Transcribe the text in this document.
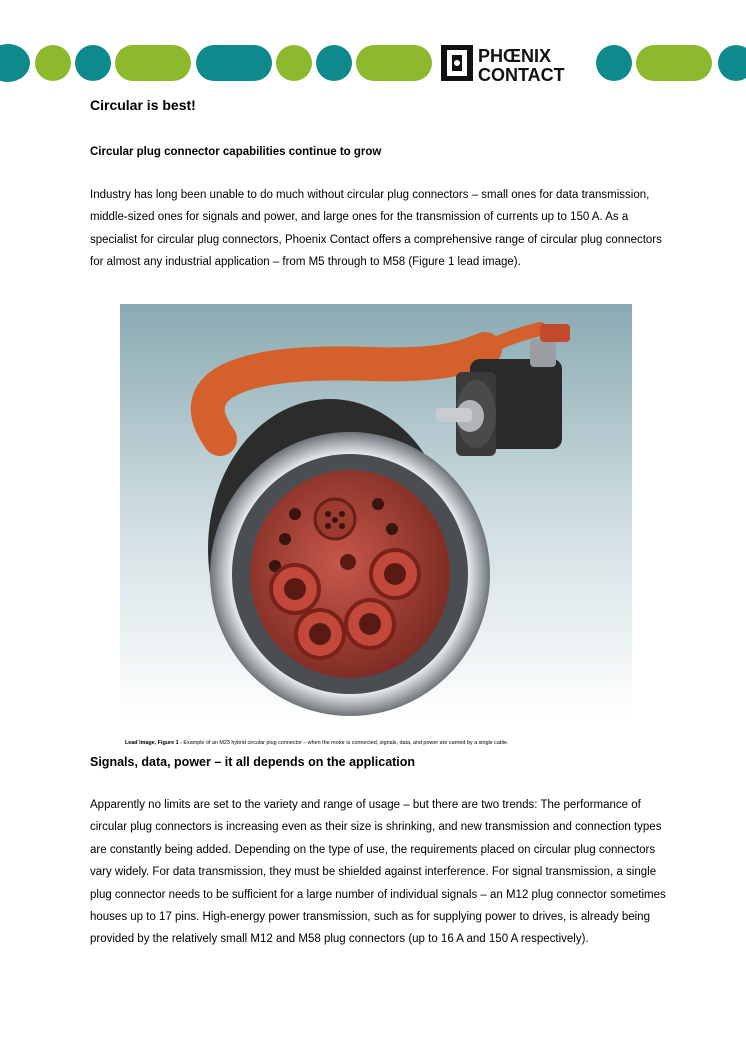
PHŒNIX
CONTACT
Circular is best!
Circular plug connector capabilities continue to grow

Industry has long been unable to do much without circular plug connectors – small ones for data transmission, middle-sized ones for signals and power, and large ones for the transmission of currents up to 150 A. As a specialist for circular plug connectors, Phoenix Contact offers a comprehensive range of circular plug connectors for almost any industrial application – from M5 through to M58 (Figure 1 lead image).

Lead Image, Figure 1 - Example of an M23 hybrid circular plug connector – when the motor is connected, signals, data, and power are carried by a single cable.
Signals, data, power – it all depends on the application

Apparently no limits are set to the variety and range of usage – but there are two trends: The performance of circular plug connectors is increasing even as their size is shrinking, and new transmission and connection types are constantly being added. Depending on the type of use, the requirements placed on circular plug connectors vary widely. For data transmission, they must be shielded against interference. For signal transmission, a single plug connector needs to be sufficient for a large number of individual signals – an M12 plug connector sometimes houses up to 17 pins. High-energy power transmission, such as for supplying power to drives, is already being provided by the relatively small M12 and M58 plug connectors (up to 16 A and 150 A respectively).
